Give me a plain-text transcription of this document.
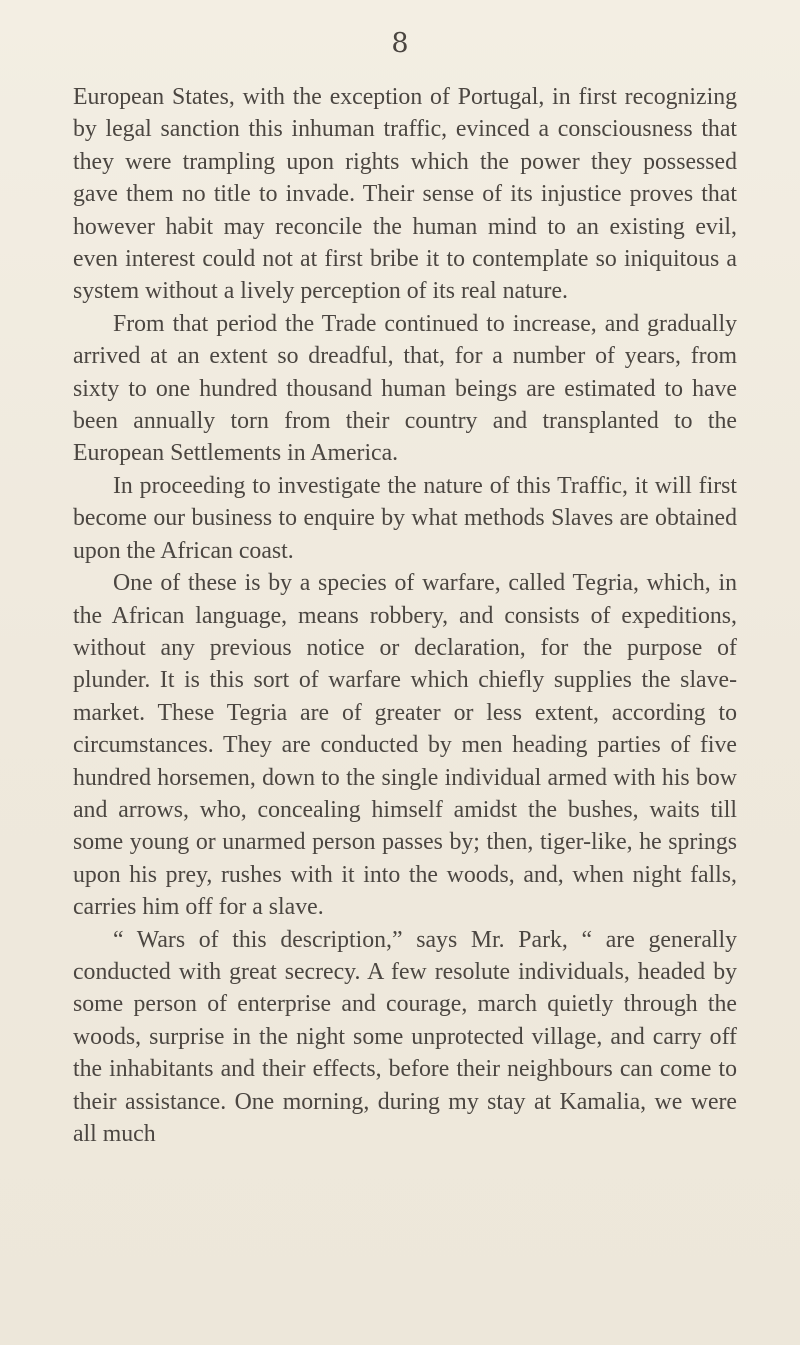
8

European States, with the exception of Portugal, in first recognizing by legal sanction this inhuman traffic, evinced a consciousness that they were trampling upon rights which the power they possessed gave them no title to invade. Their sense of its injustice proves that however habit may reconcile the human mind to an existing evil, even interest could not at first bribe it to contemplate so iniquitous a system without a lively perception of its real nature.

From that period the Trade continued to increase, and gradually arrived at an extent so dreadful, that, for a number of years, from sixty to one hundred thousand human beings are estimated to have been annually torn from their country and transplanted to the European Settlements in America.

In proceeding to investigate the nature of this Traffic, it will first become our business to enquire by what methods Slaves are obtained upon the African coast.

One of these is by a species of warfare, called Tegria, which, in the African language, means robbery, and consists of expeditions, without any previous notice or declaration, for the purpose of plunder. It is this sort of warfare which chiefly supplies the slave-market. These Tegria are of greater or less extent, according to circumstances. They are conducted by men heading parties of five hundred horsemen, down to the single individual armed with his bow and arrows, who, concealing himself amidst the bushes, waits till some young or unarmed person passes by; then, tiger-like, he springs upon his prey, rushes with it into the woods, and, when night falls, carries him off for a slave.

“ Wars of this description,” says Mr. Park, “ are generally conducted with great secrecy. A few resolute individuals, headed by some person of enterprise and courage, march quietly through the woods, surprise in the night some unprotected village, and carry off the inhabitants and their effects, before their neighbours can come to their assistance. One morning, during my stay at Kamalia, we were all much
